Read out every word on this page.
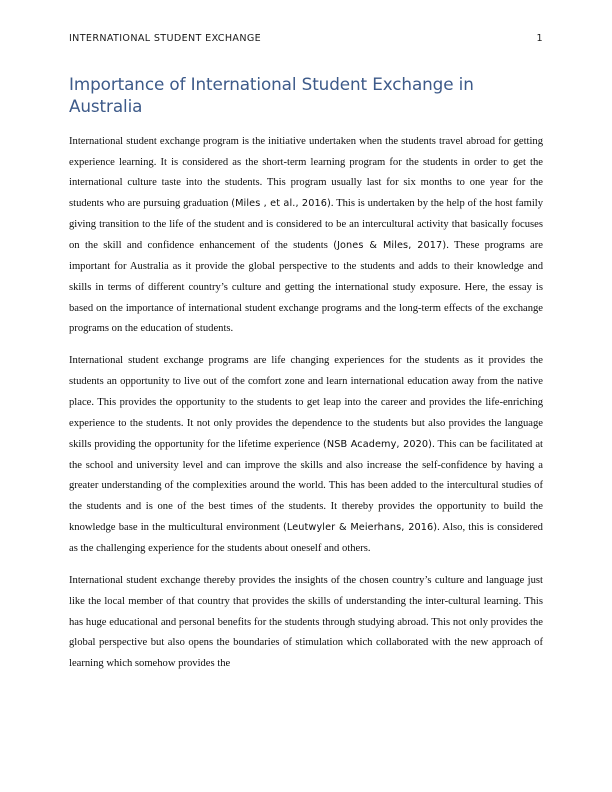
INTERNATIONAL STUDENT EXCHANGE	1
Importance of International Student Exchange in Australia

International student exchange program is the initiative undertaken when the students travel abroad for getting experience learning. It is considered as the short-term learning program for the students in order to get the international culture taste into the students. This program usually last for six months to one year for the students who are pursuing graduation (Miles , et al., 2016). This is undertaken by the help of the host family giving transition to the life of the student and is considered to be an intercultural activity that basically focuses on the skill and confidence enhancement of the students (Jones & Miles, 2017). These programs are important for Australia as it provide the global perspective to the students and adds to their knowledge and skills in terms of different country’s culture and getting the international study exposure. Here, the essay is based on the importance of international student exchange programs and the long-term effects of the exchange programs on the education of students.

International student exchange programs are life changing experiences for the students as it provides the students an opportunity to live out of the comfort zone and learn international education away from the native place. This provides the opportunity to the students to get leap into the career and provides the life-enriching experience to the students. It not only provides the dependence to the students but also provides the language skills providing the opportunity for the lifetime experience (NSB Academy, 2020). This can be facilitated at the school and university level and can improve the skills and also increase the self-confidence by having a greater understanding of the complexities around the world. This has been added to the intercultural studies of the students and is one of the best times of the students. It thereby provides the opportunity to build the knowledge base in the multicultural environment (Leutwyler & Meierhans, 2016). Also, this is considered as the challenging experience for the students about oneself and others.

International student exchange thereby provides the insights of the chosen country’s culture and language just like the local member of that country that provides the skills of understanding the inter-cultural learning. This has huge educational and personal benefits for the students through studying abroad. This not only provides the global perspective but also opens the boundaries of stimulation which collaborated with the new approach of learning which somehow provides the
